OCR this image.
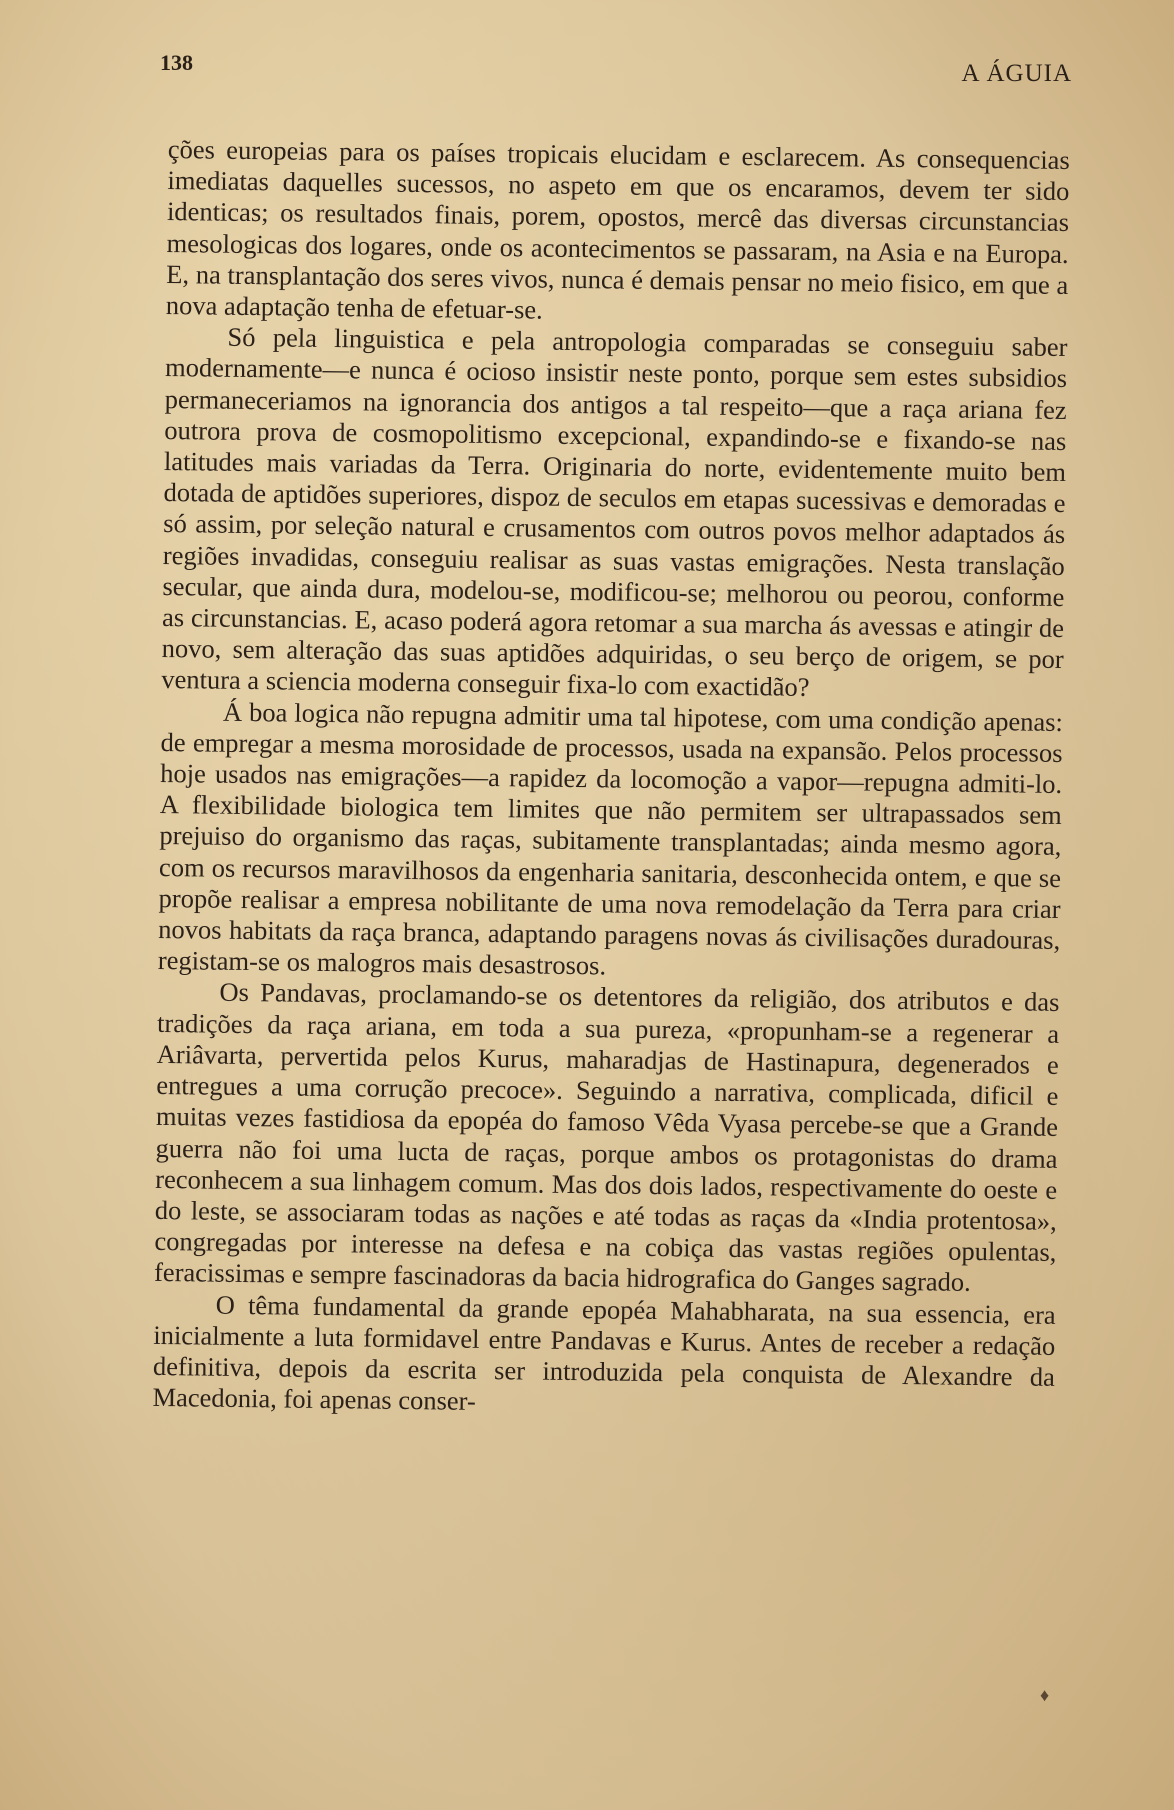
138	A ÁGUIA

ções europeias para os países tropicais elucidam e esclarecem. As consequencias imediatas daquelles sucessos, no aspeto em que os encaramos, devem ter sido identicas; os resultados finais, porem, opostos, mercê das diversas circunstancias mesologicas dos logares, onde os acontecimentos se passaram, na Asia e na Europa. E, na transplantação dos seres vivos, nunca é demais pensar no meio fisico, em que a nova adaptação tenha de efetuar-se.

Só pela linguistica e pela antropologia comparadas se conseguiu saber modernamente—e nunca é ocioso insistir neste ponto, porque sem estes subsidios permaneceriamos na ignorancia dos antigos a tal respeito—que a raça ariana fez outrora prova de cosmopolitismo excepcional, expandindo-se e fixando-se nas latitudes mais variadas da Terra. Originaria do norte, evidentemente muito bem dotada de aptidões superiores, dispoz de seculos em etapas sucessivas e demoradas e só assim, por seleção natural e crusamentos com outros povos melhor adaptados ás regiões invadidas, conseguiu realisar as suas vastas emigrações. Nesta translação secular, que ainda dura, modelou-se, modificou-se; melhorou ou peorou, conforme as circunstancias. E, acaso poderá agora retomar a sua marcha ás avessas e atingir de novo, sem alteração das suas aptidões adquiridas, o seu berço de origem, se por ventura a sciencia moderna conseguir fixa-lo com exactidão?

Á boa logica não repugna admitir uma tal hipotese, com uma condição apenas: de empregar a mesma morosidade de processos, usada na expansão. Pelos processos hoje usados nas emigrações—a rapidez da locomoção a vapor—repugna admiti-lo. A flexibilidade biologica tem limites que não permitem ser ultrapassados sem prejuiso do organismo das raças, subitamente transplantadas; ainda mesmo agora, com os recursos maravilhosos da engenharia sanitaria, desconhecida ontem, e que se propõe realisar a empresa nobilitante de uma nova remodelação da Terra para criar novos habitats da raça branca, adaptando paragens novas ás civilisações duradouras, registam-se os malogros mais desastrosos.

Os Pandavas, proclamando-se os detentores da religião, dos atributos e das tradições da raça ariana, em toda a sua pureza, «propunham-se a regenerar a Ariâvarta, pervertida pelos Kurus, maharadjas de Hastinapura, degenerados e entregues a uma corrução precoce». Seguindo a narrativa, complicada, dificil e muitas vezes fastidiosa da epopéa do famoso Vêda Vyasa percebe-se que a Grande guerra não foi uma lucta de raças, porque ambos os protagonistas do drama reconhecem a sua linhagem comum. Mas dos dois lados, respectivamente do oeste e do leste, se associaram todas as nações e até todas as raças da «India protentosa», congregadas por interesse na defesa e na cobiça das vastas regiões opulentas, feracissimas e sempre fascinadoras da bacia hidrografica do Ganges sagrado.

O têma fundamental da grande epopéa Mahabharata, na sua essencia, era inicialmente a luta formidavel entre Pandavas e Kurus. Antes de receber a redação definitiva, depois da escrita ser introduzida pela conquista de Alexandre da Macedonia, foi apenas conser-

♦
